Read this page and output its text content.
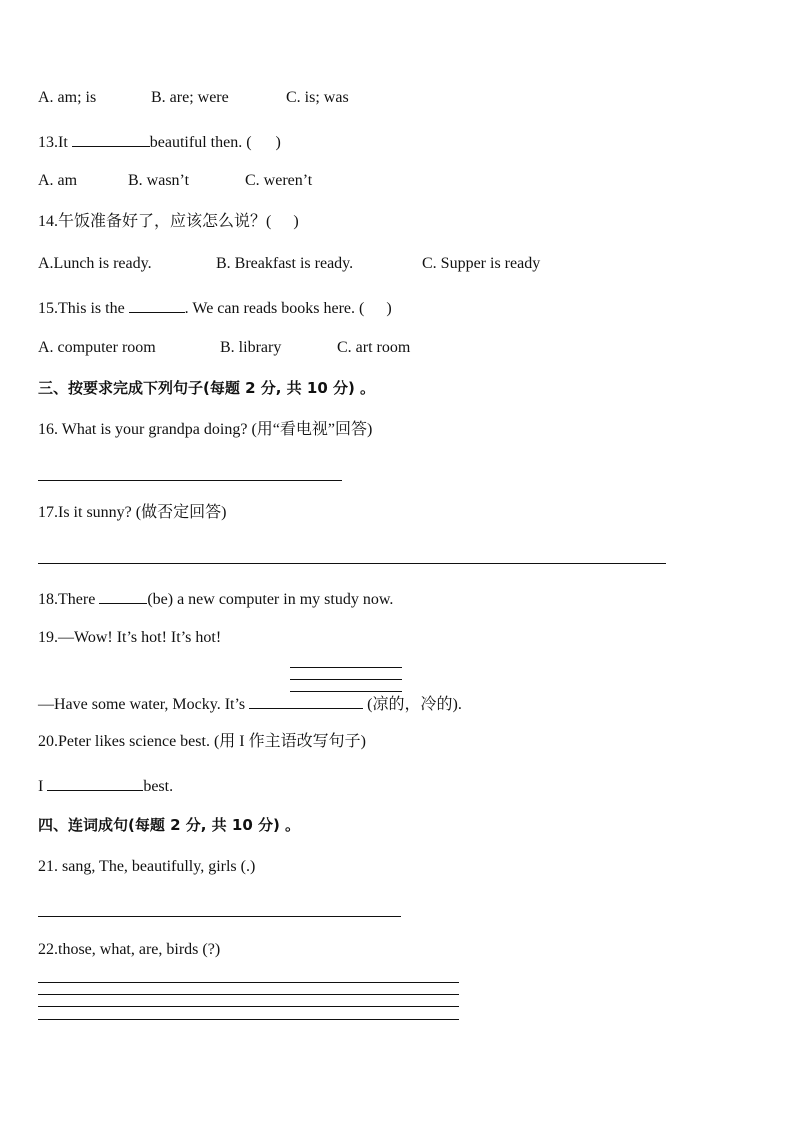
A. am; is	B. are; were	C. is; was
13.It	beautiful then. ( )
A. am	B. wasn’t	C. weren’t
14.午饭准备好了，应该怎么说？( )
A.Lunch is ready.	B. Breakfast is ready.	C. Supper is ready
15.This is the	. We can reads books here. ( )
A. computer room	B. library	C. art room
三、按要求完成下列句子(每题 2 分, 共 10 分) 。
16. What is your grandpa doing? (用“看电视”回答)
17.Is it sunny? (做否定回答)
18.There	(be) a new computer in my study now.
19.—Wow! It’s hot! It’s hot!
—Have some water, Mocky. It’s	(凉的，冷的).
20.Peter likes science best. (用 I 作主语改写句子)
I	best.
四、连词成句(每题 2 分, 共 10 分) 。
21. sang, The, beautifully, girls (.)
22.those, what, are, birds (?)
